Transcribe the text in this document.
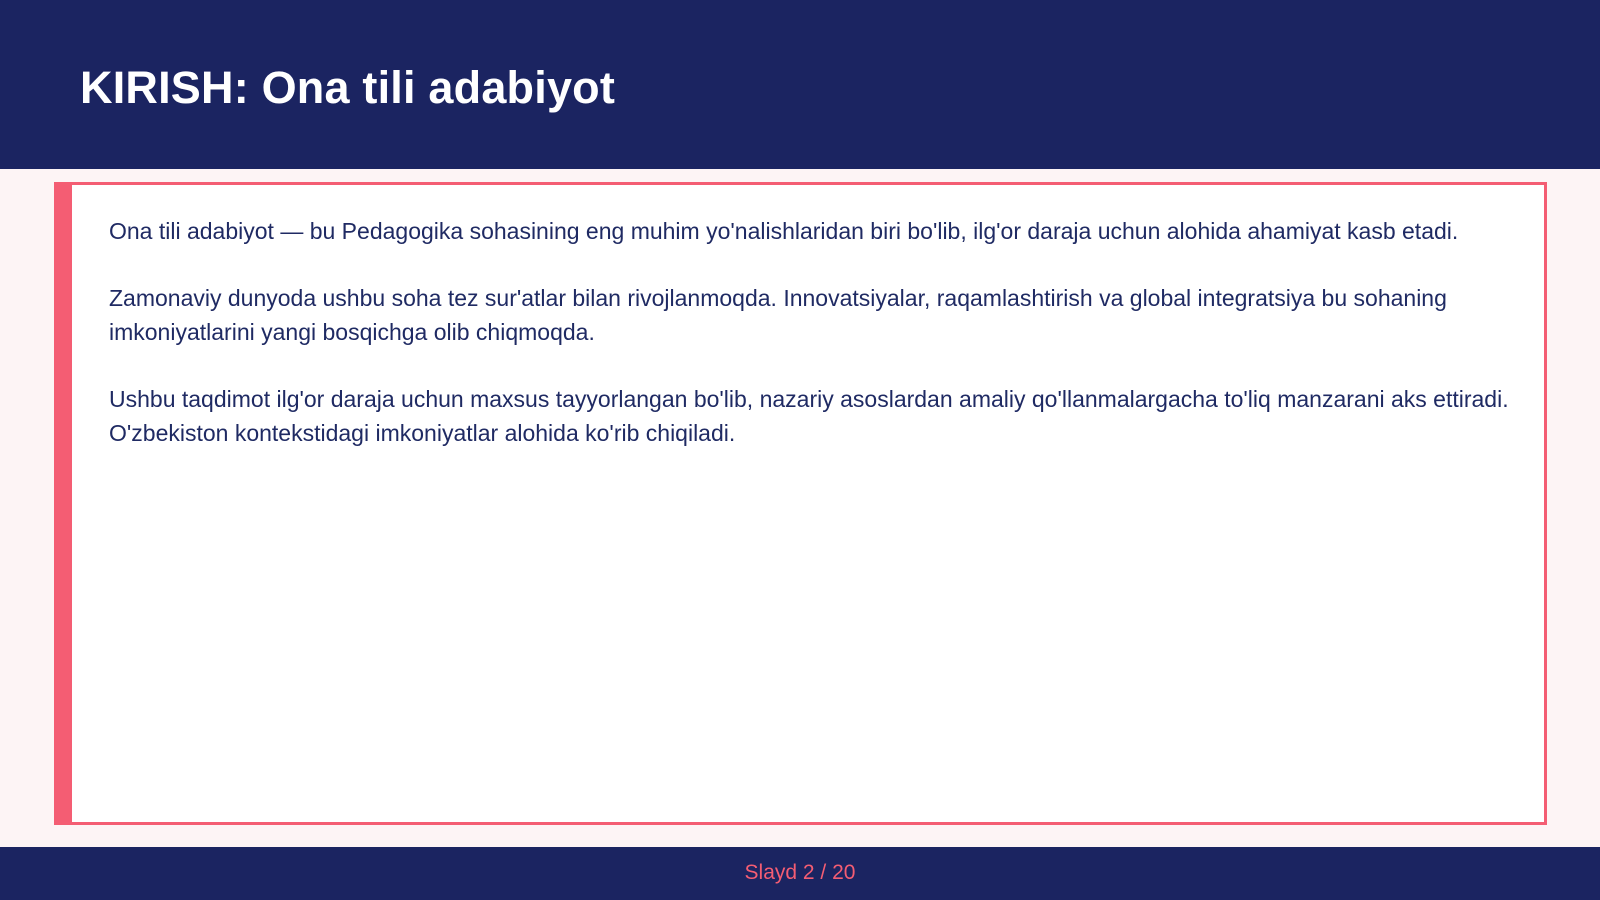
KIRISH: Ona tili adabiyot

Ona tili adabiyot — bu Pedagogika sohasining eng muhim yo'nalishlaridan biri bo'lib, ilg'or daraja uchun alohida ahamiyat kasb etadi.

Zamonaviy dunyoda ushbu soha tez sur'atlar bilan rivojlanmoqda. Innovatsiyalar, raqamlashtirish va global integratsiya bu sohaning imkoniyatlarini yangi bosqichga olib chiqmoqda.

Ushbu taqdimot ilg'or daraja uchun maxsus tayyorlangan bo'lib, nazariy asoslardan amaliy qo'llanmalargacha to'liq manzarani aks ettiradi. O'zbekiston kontekstidagi imkoniyatlar alohida ko'rib chiqiladi.

Slayd 2 / 20
